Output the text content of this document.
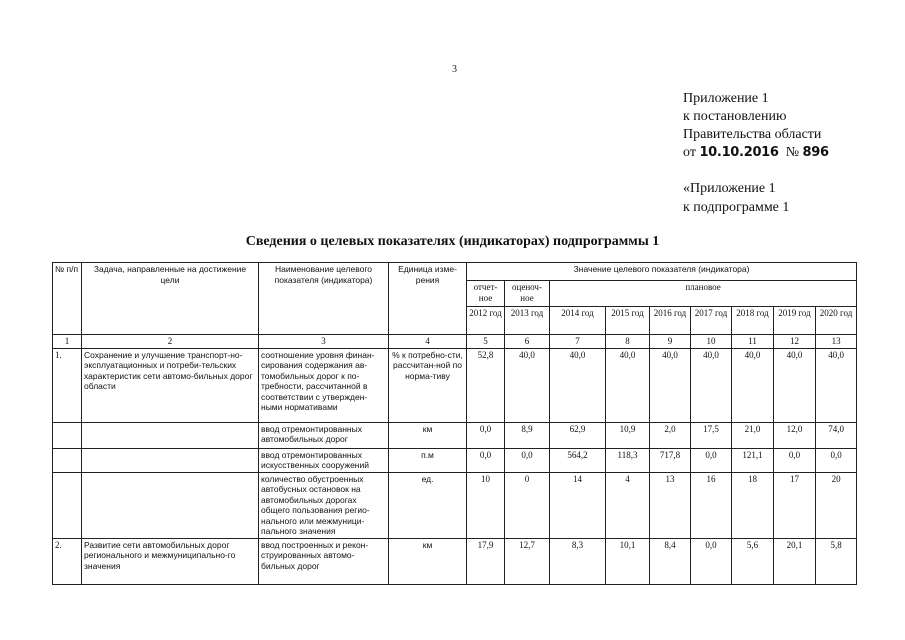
3
Приложение 1
к постановлению
Правительства области
от 10.10.2016 № 896
«Приложение 1
к подпрограмме 1
Сведения о целевых показателях (индикаторах) подпрограммы 1
№ п/п	Задача, направленные на достижение цели	Наименование целевого показателя (индикатора)	Единица изме-рения	Значение целевого показателя (индикатора)								
				отчет-ное	оценоч-ное	плановое						
				2012 год	2013 год	2014 год	2015 год	2016 год	2017 год	2018 год	2019 год	2020 год
1	2	3	4	5	6	7	8	9	10	11	12	13
1.	Сохранение и улучшение транспорт-но-эксплуатационных и потреби-тельских характеристик сети автомо-бильных дорог области	соотношение уровня финан-сирования содержания ав-томобильных дорог к по-требности, рассчитанной в соответствии с утвержден-ными нормативами	% к потребно-сти, рассчитан-ной по норма-тиву	52,8	40,0	40,0	40,0	40,0	40,0	40,0	40,0	40,0
		ввод отремонтированных автомобильных дорог	км	0,0	8,9	62,9	10,9	2,0	17,5	21,0	12,0	74,0
		ввод отремонтированных искусственных сооружений	п.м	0,0	0,0	564,2	118,3	717,8	0,0	121,1	0,0	0,0
		количество обустроенных автобусных остановок на автомобильных дорогах общего пользования регио-нального или межмуници-пального значения	ед.	10	0	14	4	13	16	18	17	20
2.	Развитие сети автомобильных дорог регионального и межмуниципально-го значения	ввод построенных и рекон-струированных автомо-бильных дорог	км	17,9	12,7	8,3	10,1	8,4	0,0	5,6	20,1	5,8
